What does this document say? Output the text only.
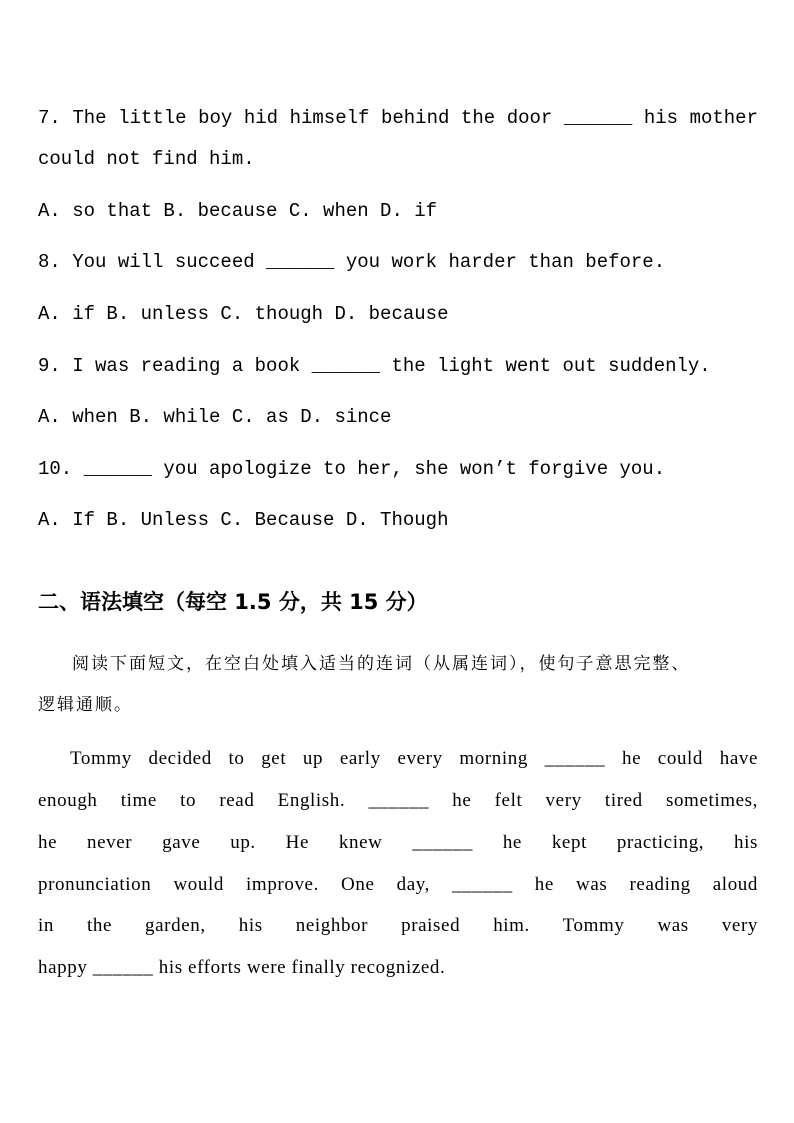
7. The little boy hid himself behind the door ______ his mother
could not find him.
A. so that B. because C. when D. if
8. You will succeed ______ you work harder than before.
A. if B. unless C. though D. because
9. I was reading a book ______ the light went out suddenly.
A. when B. while C. as D. since
10. ______ you apologize to her, she won’t forgive you.
A. If B. Unless C. Because D. Though
二、语法填空（每空 1.5 分，共 15 分）
阅读下面短文，在空白处填入适当的连词（从属连词），使句子意思完整、
逻辑通顺。
Tommy decided to get up early every morning ______ he could have
enough time to read English. ______ he felt very tired sometimes,
he never gave up. He knew ______ he kept practicing, his
pronunciation would improve. One day, ______ he was reading aloud
in the garden, his neighbor praised him. Tommy was very
happy ______ his efforts were finally recognized.
